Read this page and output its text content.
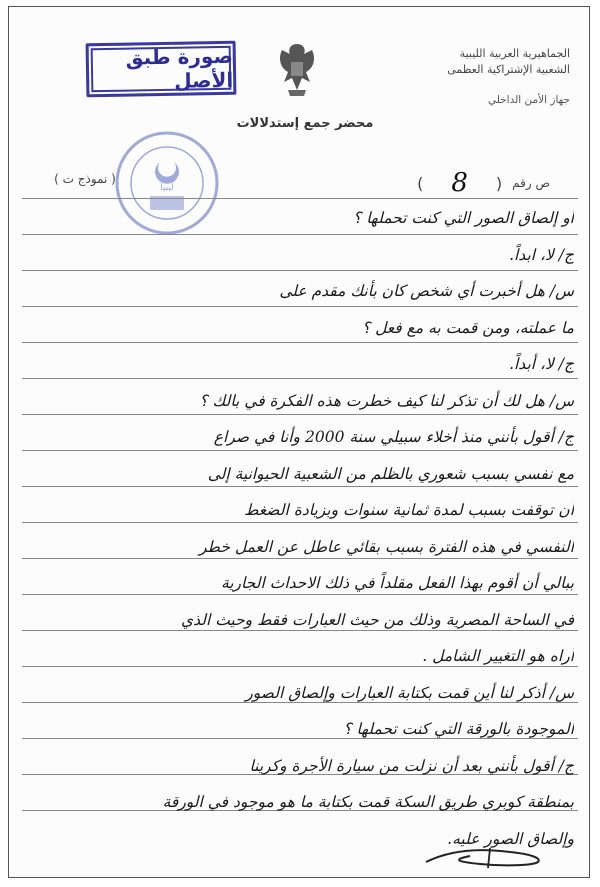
الجماهيرية العربية الليبية
الشعبية الإشتراكية العظمى
جهاز الأمن الداخلي
صورة طبق الأصل
محضر جمع إستدلالات
ليبيا
( نموذج ت )	ص رقم
(
8
)
أو إلصاق الصور التي كنت تحملها ؟
ج/ لا، ابداً.
س/ هل أخبرت أي شخص كان بأنك مقدم على
ما عملته، ومن قمت به مع فعل ؟
ج/ لا، أبداً.
س/ هل لك أن تذكر لنا كيف خطرت هذه الفكرة في بالك ؟
ج/ أقول بأنني منذ أخلاء سبيلي سنة 2000 وأنا في صراع
مع نفسي بسبب شعوري بالظلم من الشعبية الحيوانية إلى
أن توقفت بسبب لمدة ثمانية سنوات وبزيادة الضغط
النفسي في هذه الفترة بسبب بقائي عاطل عن العمل خطر
ببالي أن أقوم بهذا الفعل مقلداً في ذلك الاحداث الجارية
في الساحة المصرية وذلك من حيث العبارات فقط وحيث الذي
أراه هو التغيير الشامل .
س/ أذكر لنا أين قمت بكتابة العبارات وإلصاق الصور
الموجودة بالورقة التي كنت تحملها ؟
ج/ أقول بأنني بعد أن نزلت من سيارة الأجرة وكرينا
بمنطقة كوبري طريق السكة قمت بكتابة ما هو موجود في الورقة
وإلصاق الصور عليه.
